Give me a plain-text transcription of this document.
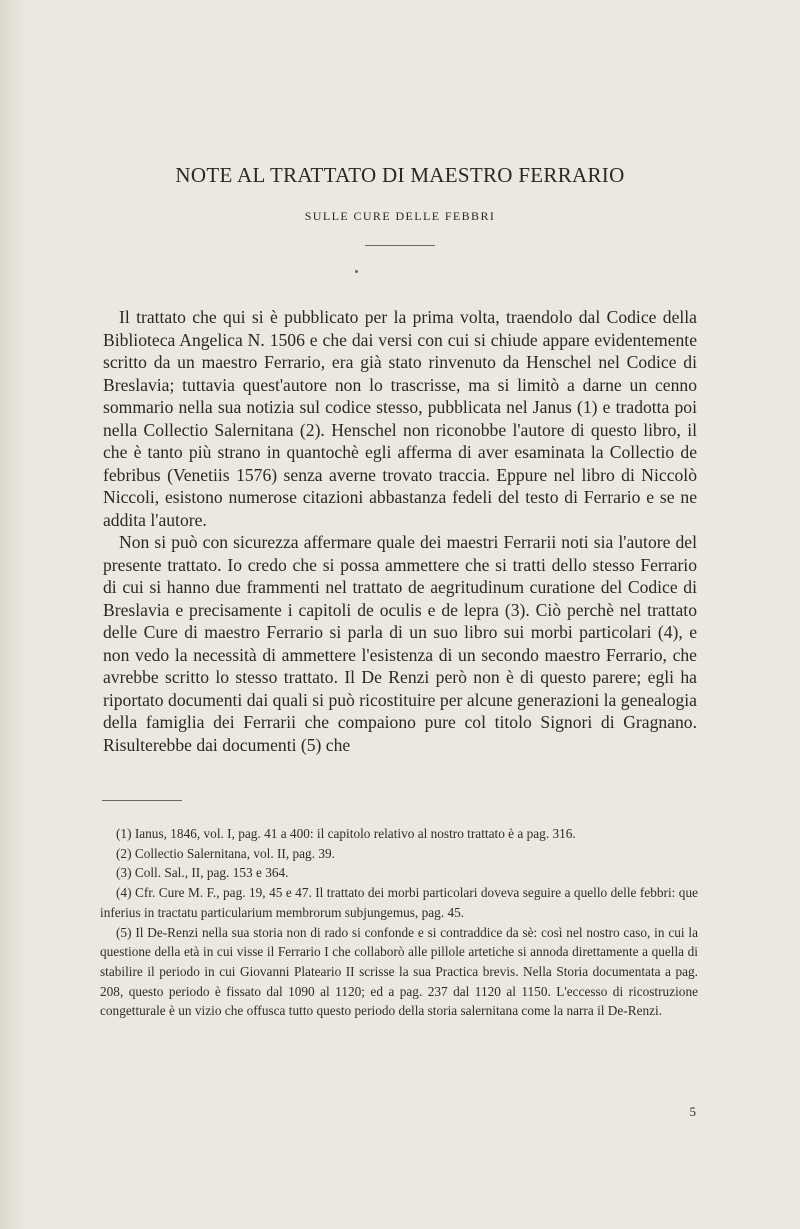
NOTE AL TRATTATO DI MAESTRO FERRARIO
SULLE CURE DELLE FEBBRI

Il trattato che qui si è pubblicato per la prima volta, traendolo dal Codice della Biblioteca Angelica N. 1506 e che dai versi con cui si chiude appare evidentemente scritto da un maestro Ferrario, era già stato rinvenuto da Henschel nel Codice di Breslavia; tuttavia quest'autore non lo trascrisse, ma si limitò a darne un cenno sommario nella sua notizia sul codice stesso, pubblicata nel Janus (1) e tradotta poi nella Collectio Salernitana (2). Henschel non riconobbe l'autore di questo libro, il che è tanto più strano in quantochè egli afferma di aver esaminata la Collectio de febribus (Venetiis 1576) senza averne trovato traccia. Eppure nel libro di Niccolò Niccoli, esistono numerose citazioni abbastanza fedeli del testo di Ferrario e se ne addita l'autore.

Non si può con sicurezza affermare quale dei maestri Ferrarii noti sia l'autore del presente trattato. Io credo che si possa ammettere che si tratti dello stesso Ferrario di cui si hanno due frammenti nel trattato de aegritudinum curatione del Codice di Breslavia e precisamente i capitoli de oculis e de lepra (3). Ciò perchè nel trattato delle Cure di maestro Ferrario si parla di un suo libro sui morbi particolari (4), e non vedo la necessità di ammettere l'esistenza di un secondo maestro Ferrario, che avrebbe scritto lo stesso trattato. Il De Renzi però non è di questo parere; egli ha riportato documenti dai quali si può ricostituire per alcune generazioni la genealogia della famiglia dei Ferrarii che compaiono pure col titolo Signori di Gragnano. Risulterebbe dai documenti (5) che

(1) Ianus, 1846, vol. I, pag. 41 a 400: il capitolo relativo al nostro trattato è a pag. 316.

(2) Collectio Salernitana, vol. II, pag. 39.

(3) Coll. Sal., II, pag. 153 e 364.

(4) Cfr. Cure M. F., pag. 19, 45 e 47. Il trattato dei morbi particolari doveva seguire a quello delle febbri: que inferius in tractatu particularium membrorum subjungemus, pag. 45.

(5) Il De-Renzi nella sua storia non di rado si confonde e si contraddice da sè: così nel nostro caso, in cui la questione della età in cui visse il Ferrario I che collaborò alle pillole artetiche si annoda direttamente a quella di stabilire il periodo in cui Giovanni Plateario II scrisse la sua Practica brevis. Nella Storia documentata a pag. 208, questo periodo è fissato dal 1090 al 1120; ed a pag. 237 dal 1120 al 1150. L'eccesso di ricostruzione congetturale è un vizio che offusca tutto questo periodo della storia salernitana come la narra il De-Renzi.

5
